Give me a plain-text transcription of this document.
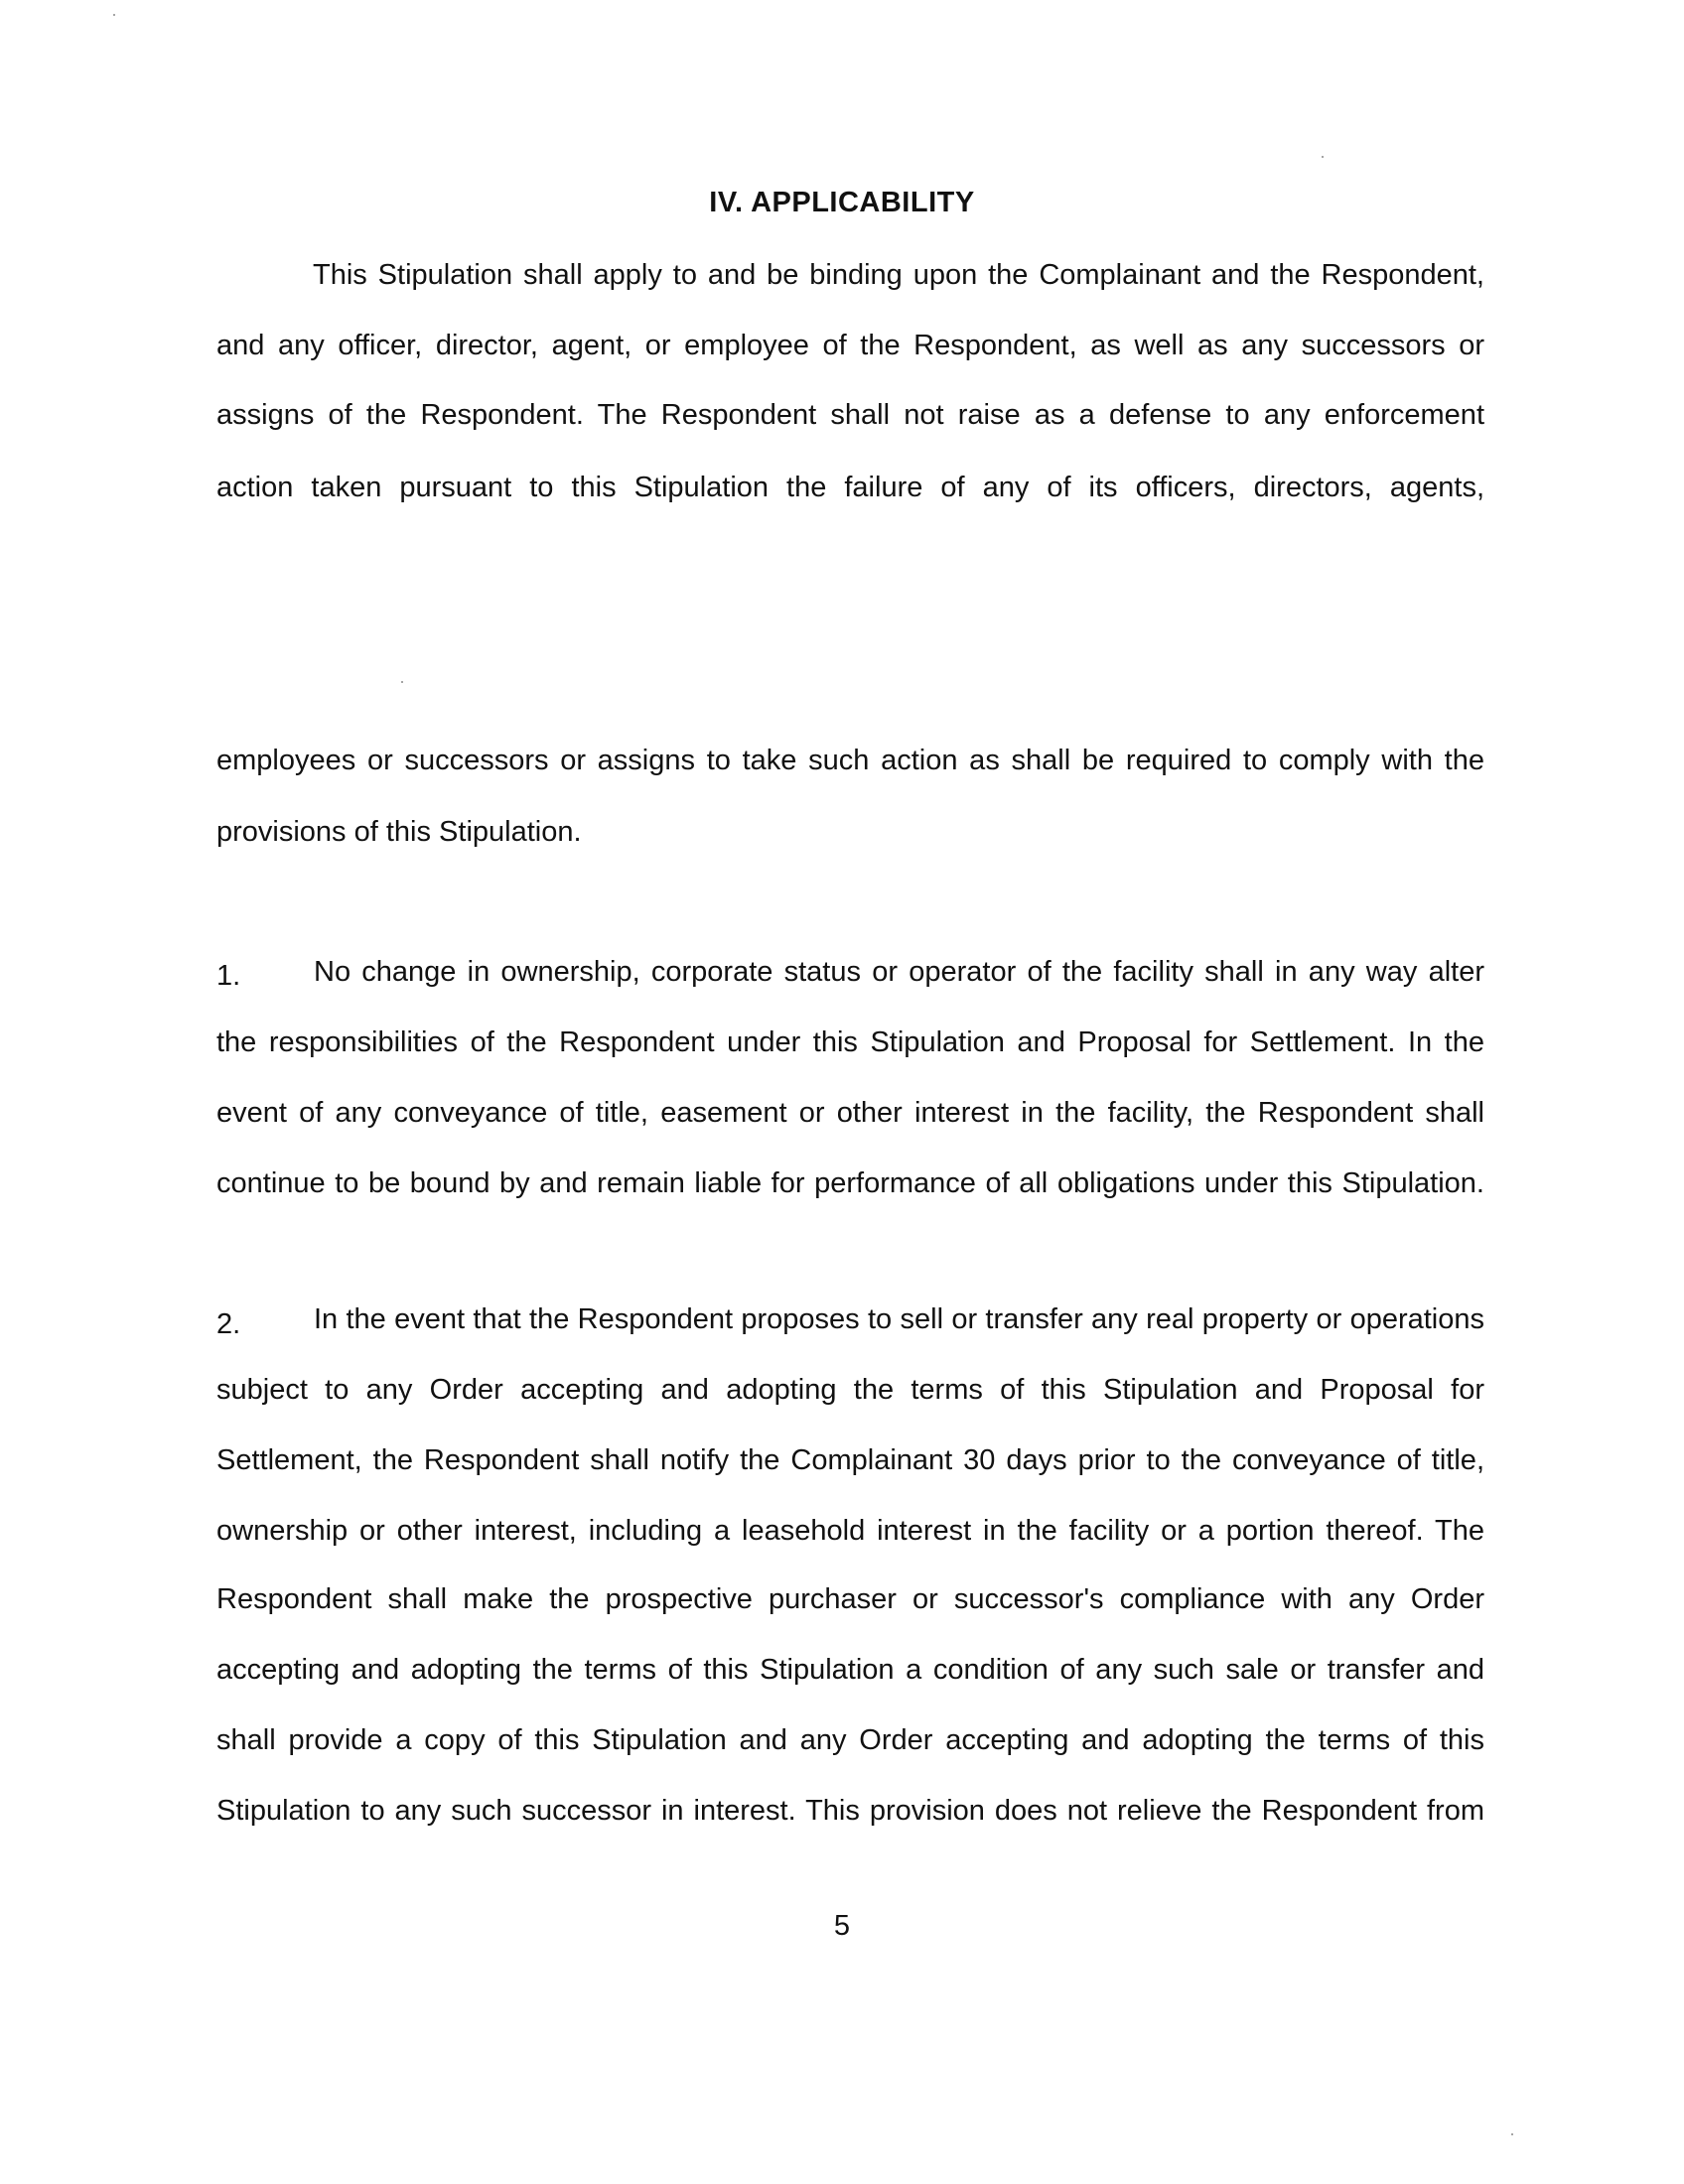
IV. APPLICABILITY
This Stipulation shall apply to and be binding upon the Complainant and the Respondent,
and any officer, director, agent, or employee of the Respondent, as well as any successors or
assigns of the Respondent. The Respondent shall not raise as a defense to any enforcement
action taken pursuant to this Stipulation the failure of any of its officers, directors, agents,
employees or successors or assigns to take such action as shall be required to comply with the
provisions of this Stipulation.
1.	No change in ownership, corporate status or operator of the facility shall in any way alter
the responsibilities of the Respondent under this Stipulation and Proposal for Settlement. In the
event of any conveyance of title, easement or other interest in the facility, the Respondent shall
continue to be bound by and remain liable for performance of all obligations under this Stipulation.
2.	In the event that the Respondent proposes to sell or transfer any real property or operations
subject to any Order accepting and adopting the terms of this Stipulation and Proposal for
Settlement, the Respondent shall notify the Complainant 30 days prior to the conveyance of title,
ownership or other interest, including a leasehold interest in the facility or a portion thereof. The
Respondent shall make the prospective purchaser or successor's compliance with any Order
accepting and adopting the terms of this Stipulation a condition of any such sale or transfer and
shall provide a copy of this Stipulation and any Order accepting and adopting the terms of this
Stipulation to any such successor in interest. This provision does not relieve the Respondent from
5
